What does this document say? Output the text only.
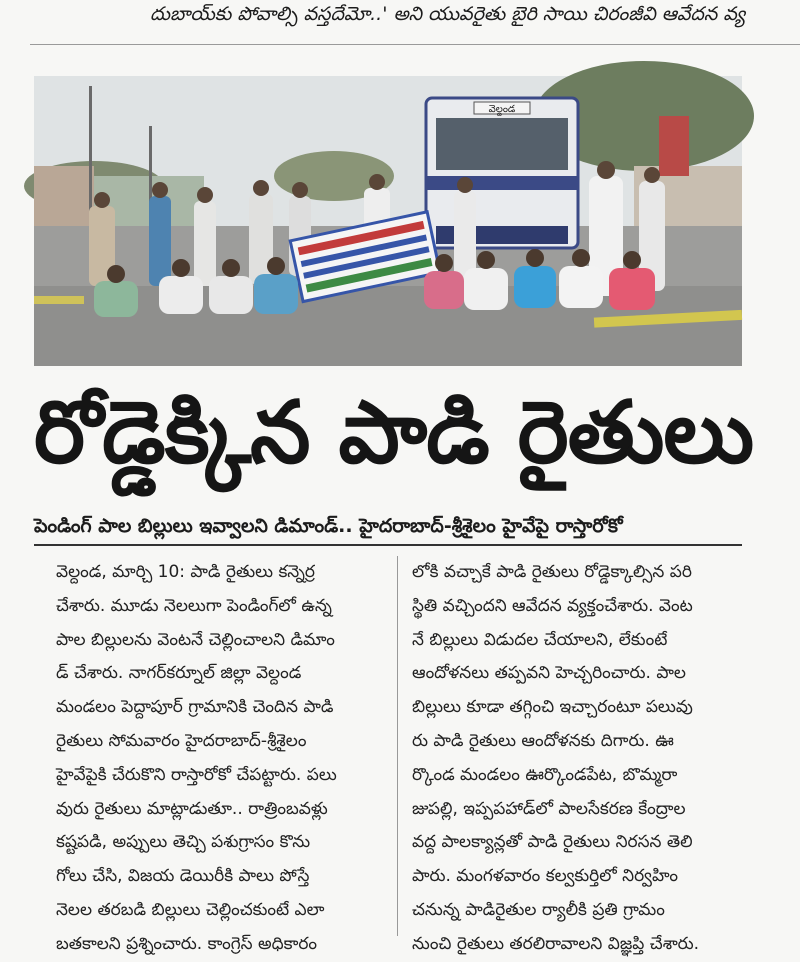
దుబాయ్‌కు పోవాల్సి వస్తదేమో..' అని యువరైతు బైరి సాయి చిరంజీవి ఆవేదన వ్య
వెల్దండ
రోడ్డెక్కిన పాడి రైతులు
పెండింగ్ పాల బిల్లులు ఇవ్వాలని డిమాండ్.. హైదరాబాద్-శ్రీశైలం హైవేపై రాస్తారోకో

వెల్దండ, మార్చి 10: పాడి రైతులు కన్నెర్ర

చేశారు. మూడు నెలలుగా పెండింగ్‌లో ఉన్న

పాల బిల్లులను వెంటనే చెల్లించాలని డిమాం

డ్ చేశారు. నాగర్‌కర్నూల్ జిల్లా వెల్దండ

మండలం పెద్దాపూర్ గ్రామానికి చెందిన పాడి

రైతులు సోమవారం హైదరాబాద్-శ్రీశైలం

హైవేపైకి చేరుకొని రాస్తారోకో చేపట్టారు. పలు

వురు రైతులు మాట్లాడుతూ.. రాత్రింబవళ్లు

కష్టపడి, అప్పులు తెచ్చి పశుగ్రాసం కొను

గోలు చేసి, విజయ డెయిరీకి పాలు పోస్తే

నెలల తరబడి బిల్లులు చెల్లించకుంటే ఎలా

బతకాలని ప్రశ్నించారు. కాంగ్రెస్ అధికారం

లోకి వచ్చాకే పాడి రైతులు రోడ్డెక్కాల్సిన పరి

స్థితి వచ్చిందని ఆవేదన వ్యక్తంచేశారు. వెంట

నే బిల్లులు విడుదల చేయాలని, లేకుంటే

ఆందోళనలు తప్పవని హెచ్చరించారు. పాల

బిల్లులు కూడా తగ్గించి ఇచ్చారంటూ పలువు

రు పాడి రైతులు ఆందోళనకు దిగారు. ఊ

ర్కొండ మండలం ఊర్కొండపేట, బొమ్మరా

జుపల్లి, ఇప్పపహాడ్‌లో పాలసేకరణ కేంద్రాల

వద్ద పాలక్యాన్లతో పాడి రైతులు నిరసన తెలి

పారు. మంగళవారం కల్వకుర్తిలో నిర్వహిం

చనున్న పాడిరైతుల ర్యాలీకి ప్రతి గ్రామం

నుంచి రైతులు తరలిరావాలని విజ్ఞప్తి చేశారు.
